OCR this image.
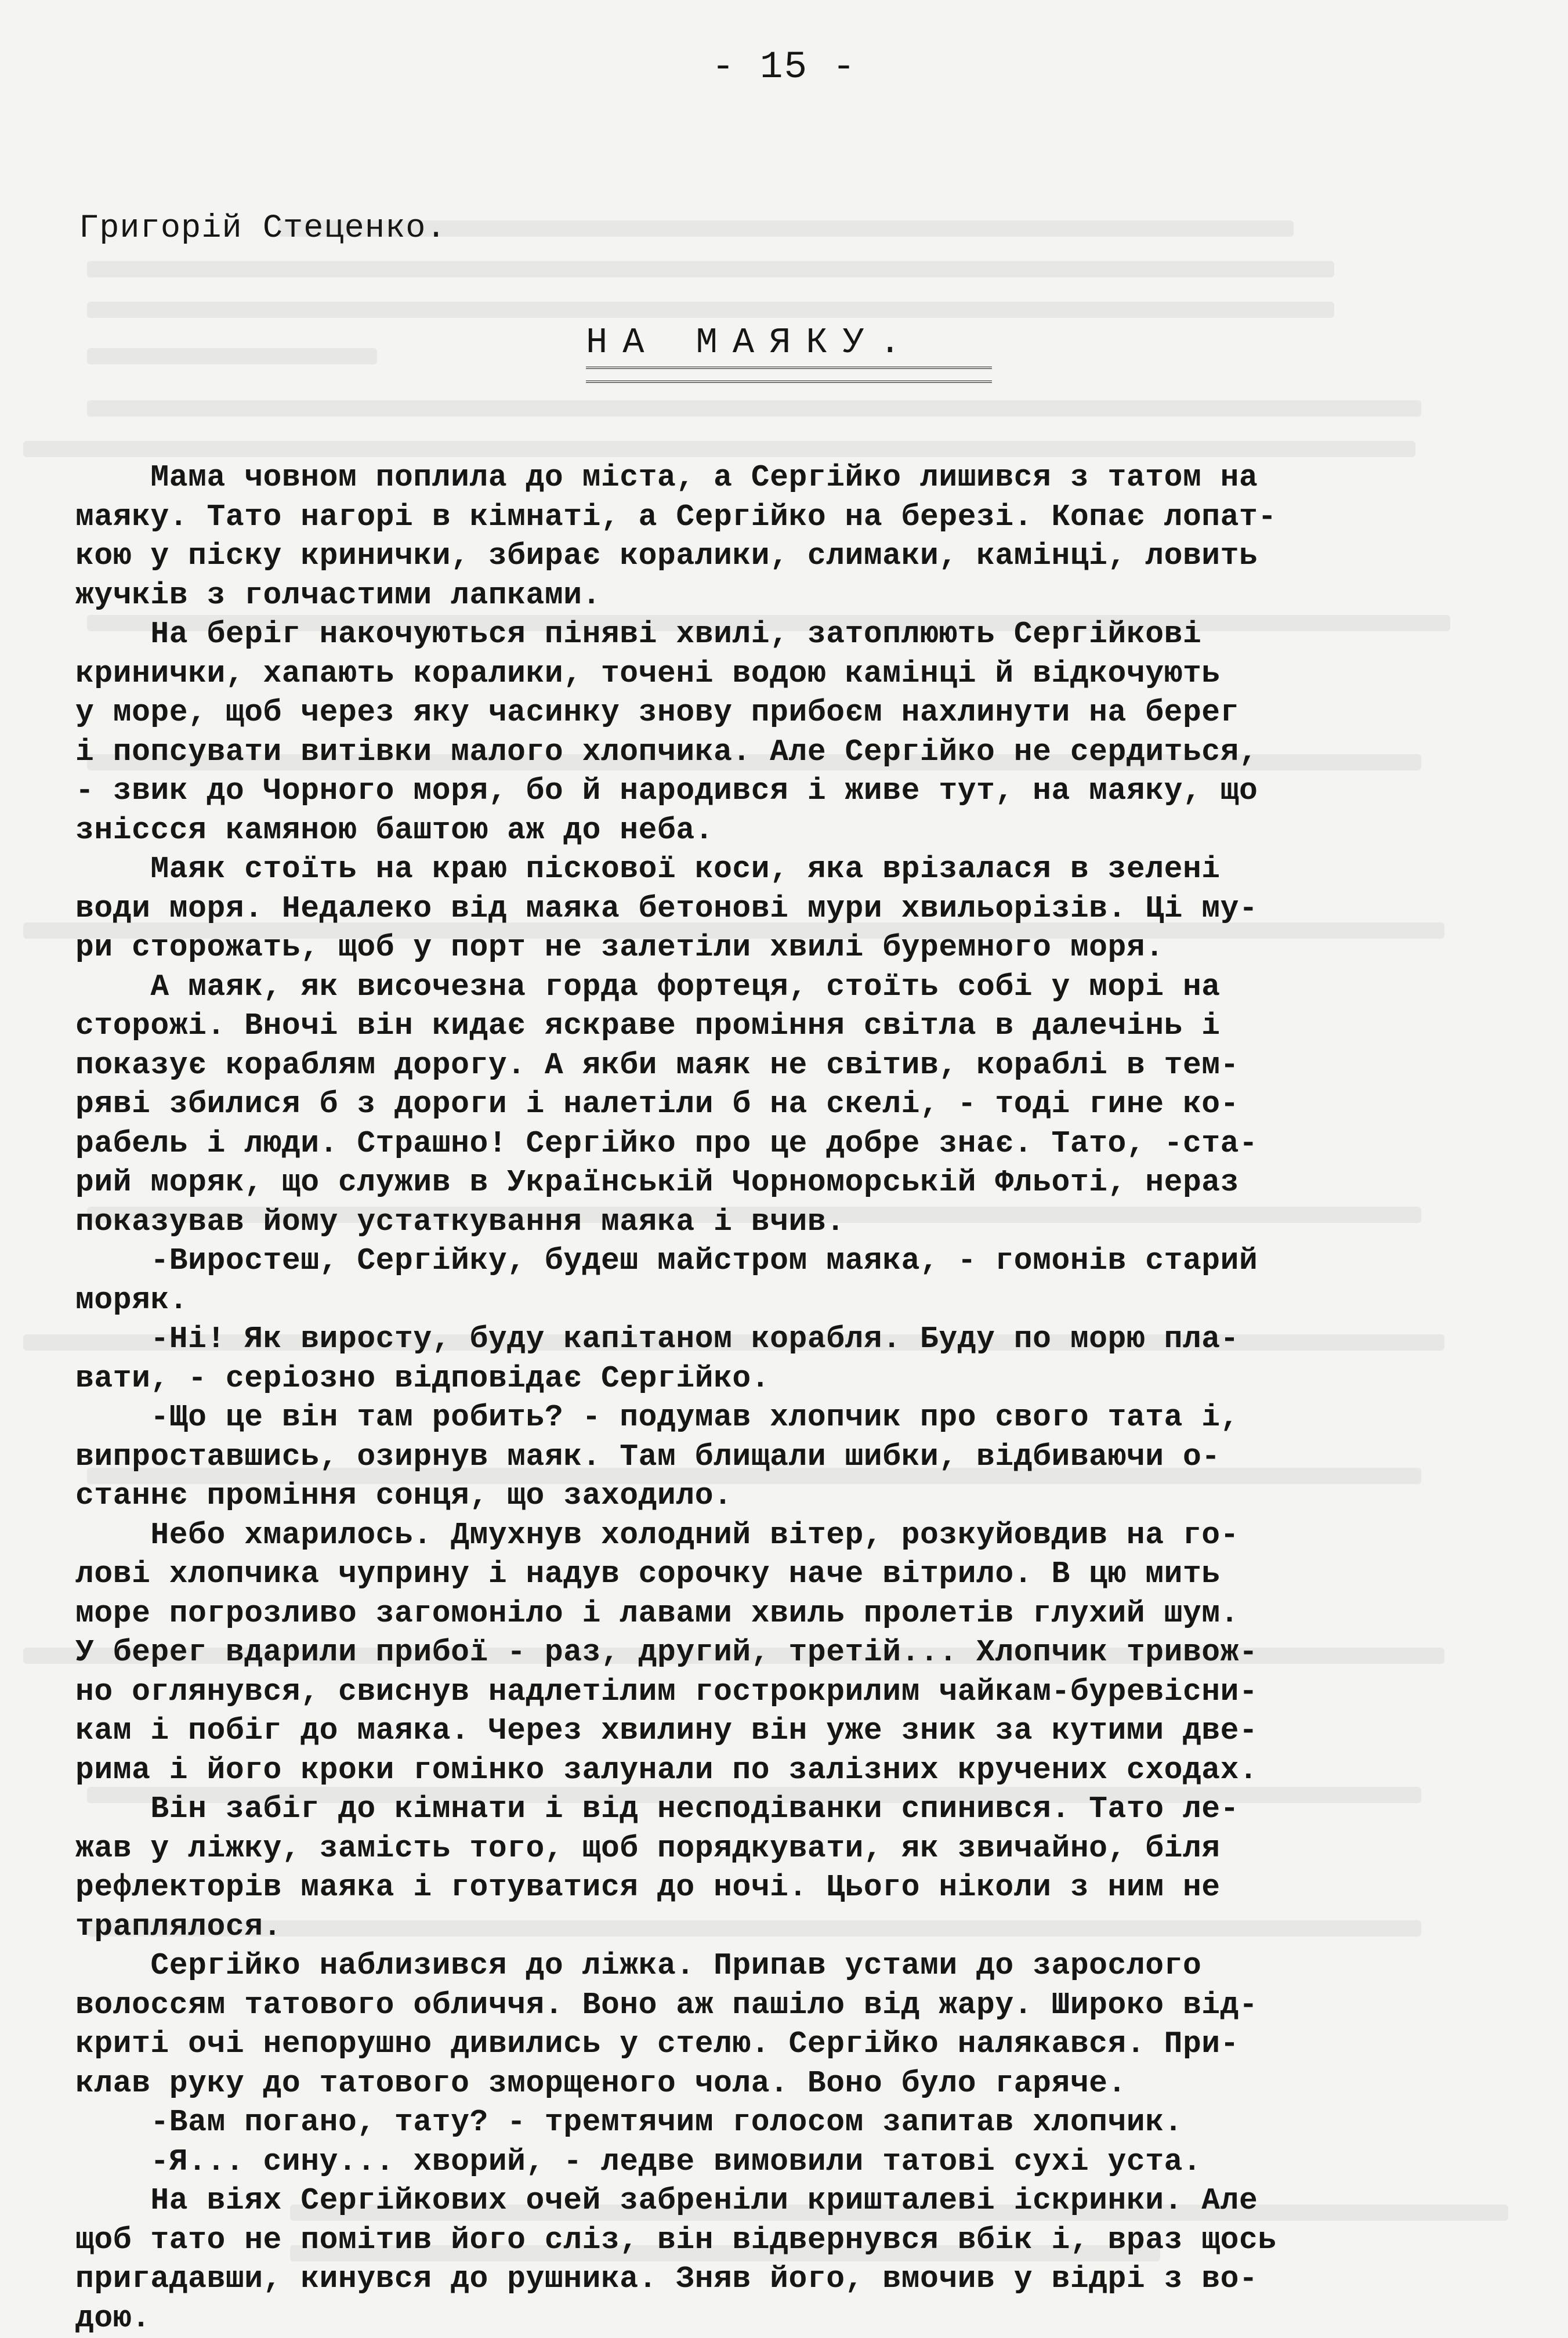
- 15 -
Григорій Стеценко.
НА МАЯКУ.
Мама човном поплила до міста, а Сергійко лишився з татом на
маяку. Тато нагорі в кімнаті, а Сергійко на березі. Копає лопат-
кою у піску кринички, збирає коралики, слимаки, камінці, ловить
жучків з голчастими лапками.
На беріг накочуються піняві хвилі, затоплюють Сергійкові
кринички, хапають коралики, точені водою камінці й відкочують
у море, щоб через яку часинку знову прибоєм нахлинути на берег
і попсувати витівки малого хлопчика. Але Сергійко не сердиться,
- звик до Чорного моря, бо й народився і живе тут, на маяку, що
зніссся камяною баштою аж до неба.
Маяк стоїть на краю піскової коси, яка врізалася в зелені
води моря. Недалеко від маяка бетонові мури хвильорізів. Ці му-
ри сторожать, щоб у порт не залетіли хвилі буремного моря.
А маяк, як височезна горда фортеця, стоїть собі у морі на
сторожі. Вночі він кидає яскраве проміння світла в далечінь і
показує кораблям дорогу. А якби маяк не світив, кораблі в тем-
ряві збилися б з дороги і налетіли б на скелі, - тоді гине ко-
рабель і люди. Страшно! Сергійко про це добре знає. Тато, -ста-
рий моряк, що служив в Українській Чорноморській Фльоті, нераз
показував йому устаткування маяка і вчив.
-Виростеш, Сергійку, будеш майстром маяка, - гомонів старий
моряк.
-Ні! Як виросту, буду капітаном корабля. Буду по морю пла-
вати, - серіозно відповідає Сергійко.
-Що це він там робить? - подумав хлопчик про свого тата і,
випроставшись, озирнув маяк. Там блищали шибки, відбиваючи о-
станнє проміння сонця, що заходило.
Небо хмарилось. Дмухнув холодний вітер, розкуйовдив на го-
лові хлопчика чуприну і надув сорочку наче вітрило. В цю мить
море погрозливо загомоніло і лавами хвиль пролетів глухий шум.
У берег вдарили прибої - раз, другий, третій... Хлопчик тривож-
но оглянувся, свиснув надлетілим гострокрилим чайкам-буревісни-
кам і побіг до маяка. Через хвилину він уже зник за кутими две-
рима і його кроки гомінко залунали по залізних кручених сходах.
Він забіг до кімнати і від несподіванки спинився. Тато ле-
жав у ліжку, замість того, щоб порядкувати, як звичайно, біля
рефлекторів маяка і готуватися до ночі. Цього ніколи з ним не
траплялося.
Сергійко наблизився до ліжка. Припав устами до зарослого
волоссям татового обличчя. Воно аж пашіло від жару. Широко від-
криті очі непорушно дивились у стелю. Сергійко налякався. При-
клав руку до татового зморщеного чола. Воно було гаряче.
-Вам погано, тату? - тремтячим голосом запитав хлопчик.
-Я... сину... хворий, - ледве вимовили татові сухі уста.
На віях Сергійкових очей забреніли кришталеві іскринки. Але
щоб тато не помітив його сліз, він відвернувся вбік і, враз щось
пригадавши, кинувся до рушника. Зняв його, вмочив у відрі з во-
дою.
